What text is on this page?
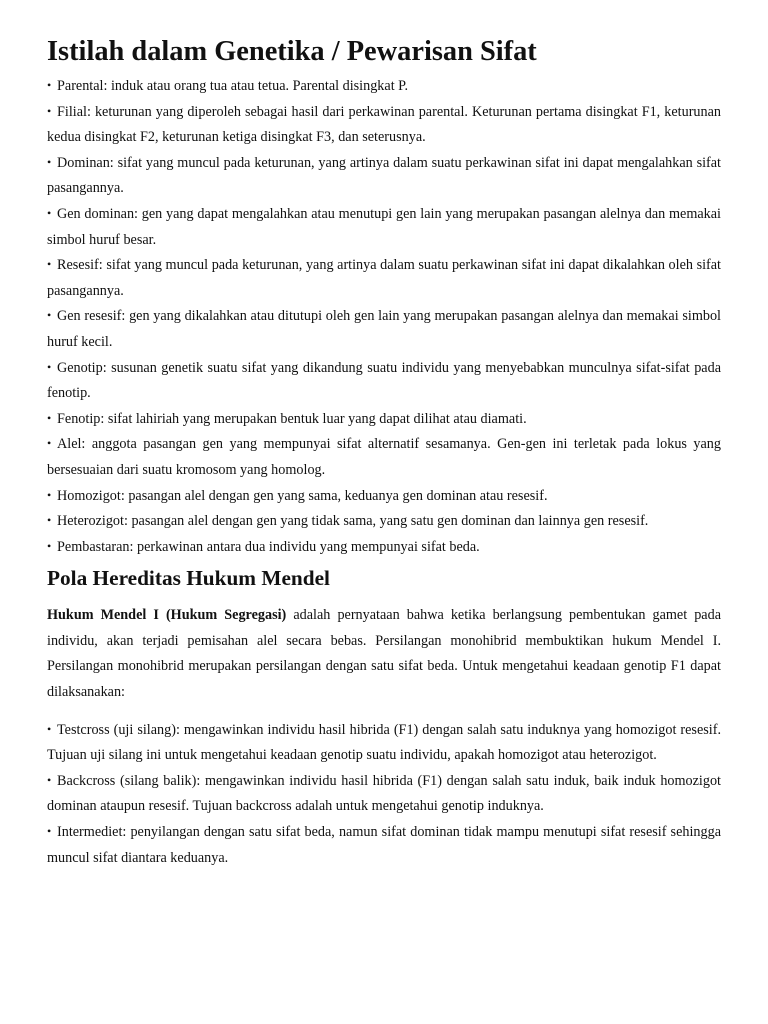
Istilah dalam Genetika / Pewarisan Sifat
• Parental: induk atau orang tua atau tetua. Parental disingkat P.
• Filial: keturunan yang diperoleh sebagai hasil dari perkawinan parental. Keturunan pertama disingkat F1, keturunan kedua disingkat F2, keturunan ketiga disingkat F3, dan seterusnya.
• Dominan: sifat yang muncul pada keturunan, yang artinya dalam suatu perkawinan sifat ini dapat mengalahkan sifat pasangannya.
• Gen dominan: gen yang dapat mengalahkan atau menutupi gen lain yang merupakan pasangan alelnya dan memakai simbol huruf besar.
• Resesif: sifat yang muncul pada keturunan, yang artinya dalam suatu perkawinan sifat ini dapat dikalahkan oleh sifat pasangannya.
• Gen resesif: gen yang dikalahkan atau ditutupi oleh gen lain yang merupakan pasangan alelnya dan memakai simbol huruf kecil.
• Genotip: susunan genetik suatu sifat yang dikandung suatu individu yang menyebabkan munculnya sifat-sifat pada fenotip.
• Fenotip: sifat lahiriah yang merupakan bentuk luar yang dapat dilihat atau diamati.
• Alel: anggota pasangan gen yang mempunyai sifat alternatif sesamanya. Gen-gen ini terletak pada lokus yang bersesuaian dari suatu kromosom yang homolog.
• Homozigot: pasangan alel dengan gen yang sama, keduanya gen dominan atau resesif.
• Heterozigot: pasangan alel dengan gen yang tidak sama, yang satu gen dominan dan lainnya gen resesif.
• Pembastaran: perkawinan antara dua individu yang mempunyai sifat beda.
Pola Hereditas Hukum Mendel

Hukum Mendel I (Hukum Segregasi) adalah pernyataan bahwa ketika berlangsung pembentukan gamet pada individu, akan terjadi pemisahan alel secara bebas. Persilangan monohibrid membuktikan hukum Mendel I. Persilangan monohibrid merupakan persilangan dengan satu sifat beda. Untuk mengetahui keadaan genotip F1 dapat dilaksanakan:

• Testcross (uji silang): mengawinkan individu hasil hibrida (F1) dengan salah satu induknya yang homozigot resesif. Tujuan uji silang ini untuk mengetahui keadaan genotip suatu individu, apakah homozigot atau heterozigot.
• Backcross (silang balik): mengawinkan individu hasil hibrida (F1) dengan salah satu induk, baik induk homozigot dominan ataupun resesif. Tujuan backcross adalah untuk mengetahui genotip induknya.
• Intermediet: penyilangan dengan satu sifat beda, namun sifat dominan tidak mampu menutupi sifat resesif sehingga muncul sifat diantara keduanya.
